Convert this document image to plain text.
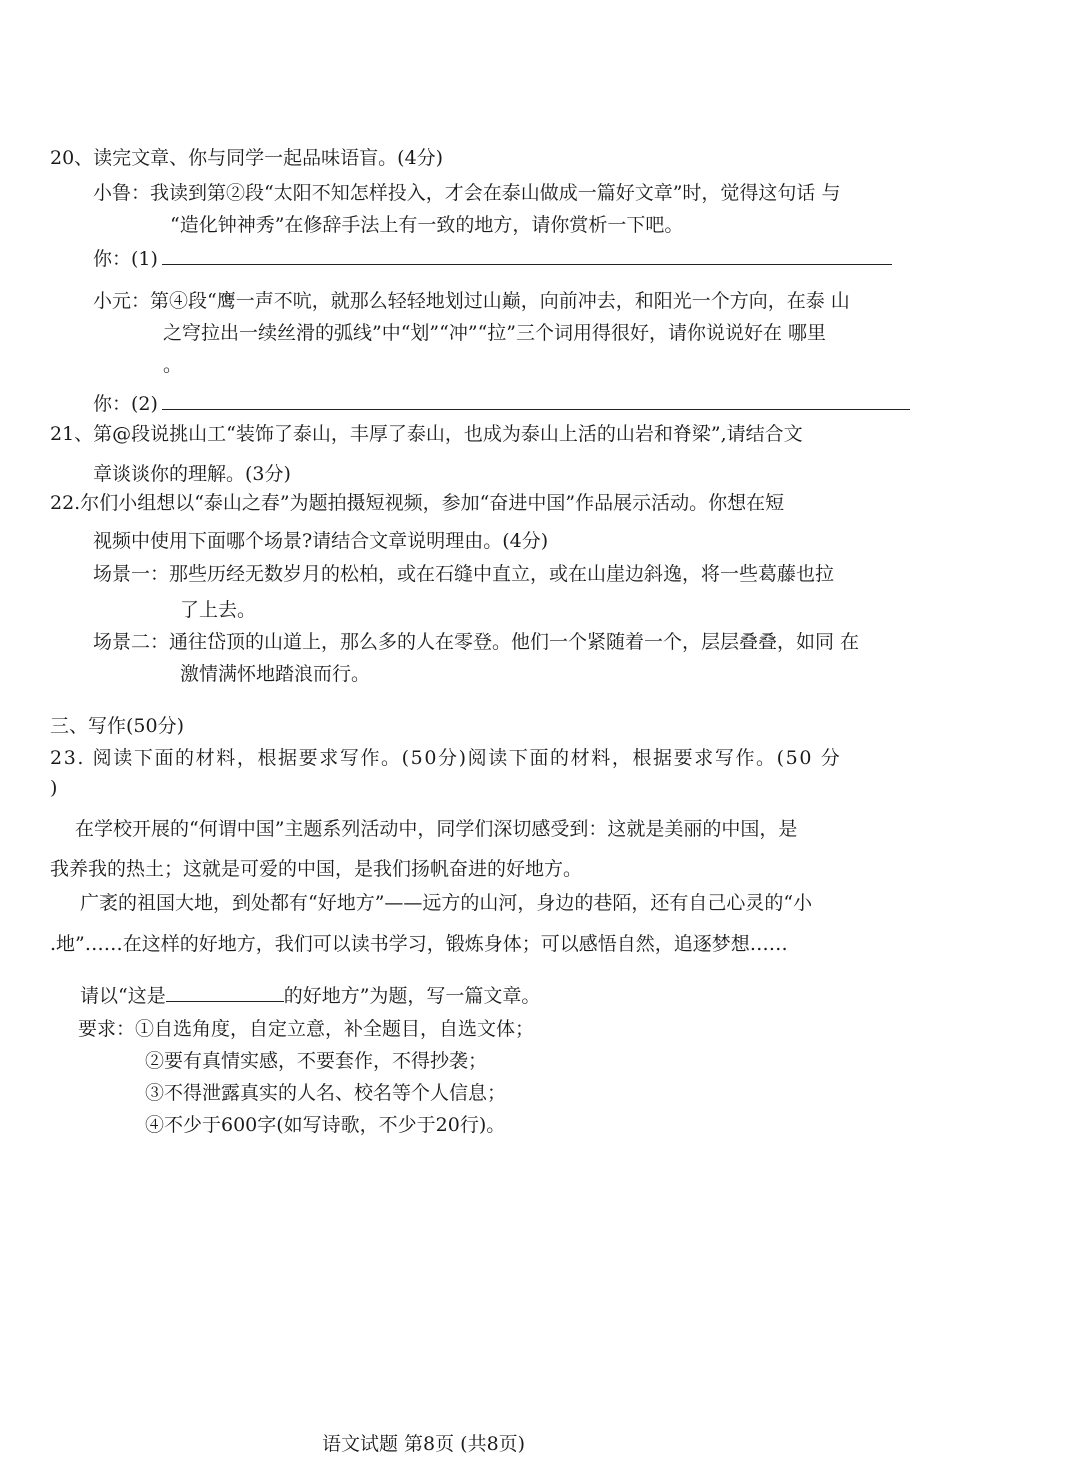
20、读完文章、你与同学一起品味语盲。(4分)
小鲁：我读到第②段“太阳不知怎样投入，才会在泰山做成一篇好文章”时，觉得这句话 与
“造化钟神秀”在修辞手法上有一致的地方，请你赏析一下吧。
你：(1)
小元：第④段“鹰一声不吭，就那么轻轻地划过山巅，向前冲去，和阳光一个方向，在泰 山
之穹拉出一续丝滑的弧线”中“划”“冲”“拉”三个词用得很好，请你说说好在 哪里
。
你：(2)
21、第@段说挑山工“装饰了泰山，丰厚了泰山，也成为泰山上活的山岩和脊梁”,请结合文
章谈谈你的理解。(3分)
22.尔们小组想以“泰山之春”为题拍摄短视频，参加“奋进中国”作品展示活动。你想在短
视频中使用下面哪个场景?请结合文章说明理由。(4分)
场景一：那些历经无数岁月的松柏，或在石缝中直立，或在山崖边斜逸，将一些葛藤也拉
了上去。
场景二：通往岱顶的山道上，那么多的人在零登。他们一个紧随着一个，层层叠叠，如同 在
激情满怀地踏浪而行。
三、写作(50分)
23. 阅读下面的材料，根据要求写作。(50分)阅读下面的材料，根据要求写作。(50 分
)
在学校开展的“何谓中国”主题系列活动中，同学们深切感受到：这就是美丽的中国，是
我养我的热土；这就是可爱的中国，是我们扬帆奋进的好地方。
广袤的祖国大地，到处都有“好地方”——远方的山河，身边的巷陌，还有自己心灵的“小
.地”……在这样的好地方，我们可以读书学习，锻炼身体；可以感悟自然，追逐梦想……
请以“这是	的好地方”为题，写一篇文章。
要求：①自选角度，自定立意，补全题目，自选文体；
②要有真情实感，不要套作，不得抄袭；
③不得泄露真实的人名、校名等个人信息；
④不少于600字(如写诗歌，不少于20行)。
语文试题 第8页 (共8页)
